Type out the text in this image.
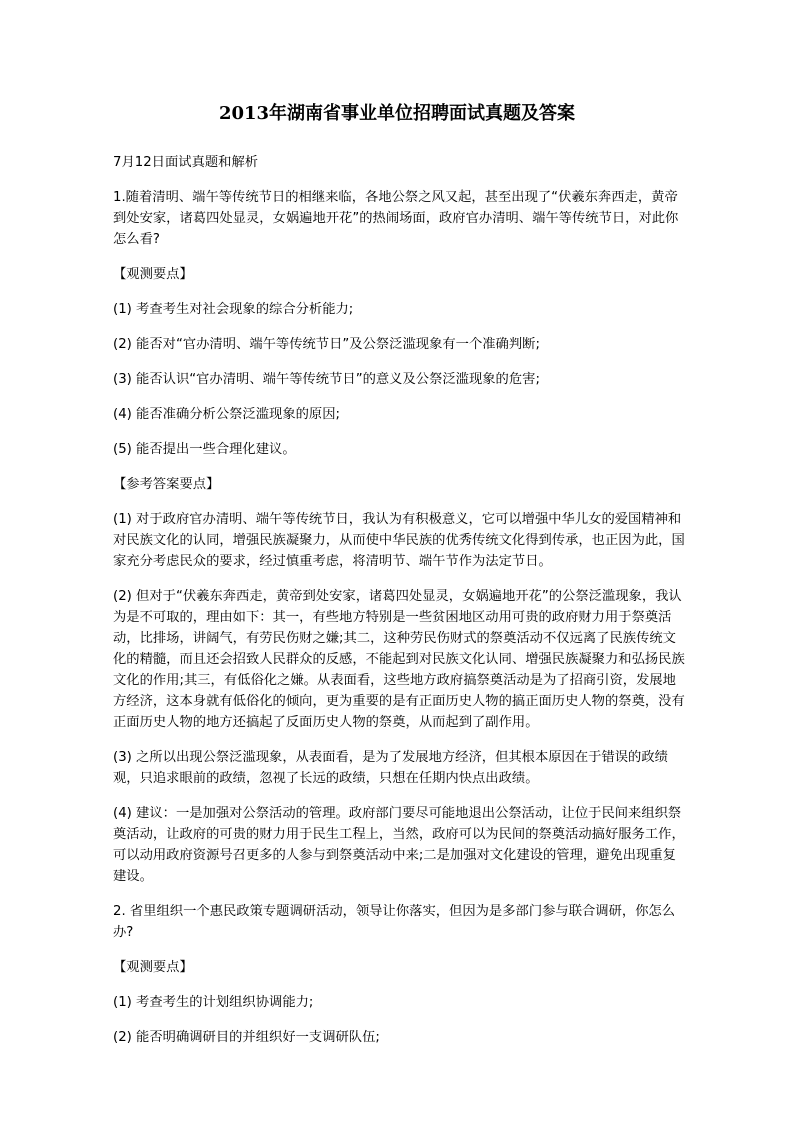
2013年湖南省事业单位招聘面试真题及答案

7月12日面试真题和解析

1.随着清明、端午等传统节日的相继来临，各地公祭之风又起，甚至出现了“伏羲东奔西走，黄帝到处安家，诸葛四处显灵，女娲遍地开花”的热闹场面，政府官办清明、端午等传统节日，对此你怎么看?

【观测要点】

(1) 考查考生对社会现象的综合分析能力;

(2) 能否对“官办清明、端午等传统节日”及公祭泛滥现象有一个准确判断;

(3) 能否认识“官办清明、端午等传统节日”的意义及公祭泛滥现象的危害;

(4) 能否准确分析公祭泛滥现象的原因;

(5) 能否提出一些合理化建议。

【参考答案要点】

(1) 对于政府官办清明、端午等传统节日，我认为有积极意义，它可以增强中华儿女的爱国精神和对民族文化的认同，增强民族凝聚力，从而使中华民族的优秀传统文化得到传承，也正因为此，国家充分考虑民众的要求，经过慎重考虑，将清明节、端午节作为法定节日。

(2) 但对于“伏羲东奔西走，黄帝到处安家，诸葛四处显灵，女娲遍地开花”的公祭泛滥现象，我认为是不可取的，理由如下：其一，有些地方特别是一些贫困地区动用可贵的政府财力用于祭奠活动，比排场，讲阔气，有劳民伤财之嫌;其二，这种劳民伤财式的祭奠活动不仅远离了民族传统文化的精髓，而且还会招致人民群众的反感，不能起到对民族文化认同、增强民族凝聚力和弘扬民族文化的作用;其三，有低俗化之嫌。从表面看，这些地方政府搞祭奠活动是为了招商引资，发展地方经济，这本身就有低俗化的倾向，更为重要的是有正面历史人物的搞正面历史人物的祭奠，没有正面历史人物的地方还搞起了反面历史人物的祭奠，从而起到了副作用。

(3) 之所以出现公祭泛滥现象，从表面看，是为了发展地方经济，但其根本原因在于错误的政绩观，只追求眼前的政绩，忽视了长远的政绩，只想在任期内快点出政绩。

(4) 建议：一是加强对公祭活动的管理。政府部门要尽可能地退出公祭活动，让位于民间来组织祭奠活动，让政府的可贵的财力用于民生工程上，当然，政府可以为民间的祭奠活动搞好服务工作，可以动用政府资源号召更多的人参与到祭奠活动中来;二是加强对文化建设的管理，避免出现重复建设。

2. 省里组织一个惠民政策专题调研活动，领导让你落实，但因为是多部门参与联合调研，你怎么办?

【观测要点】

(1) 考查考生的计划组织协调能力;

(2) 能否明确调研目的并组织好一支调研队伍;
